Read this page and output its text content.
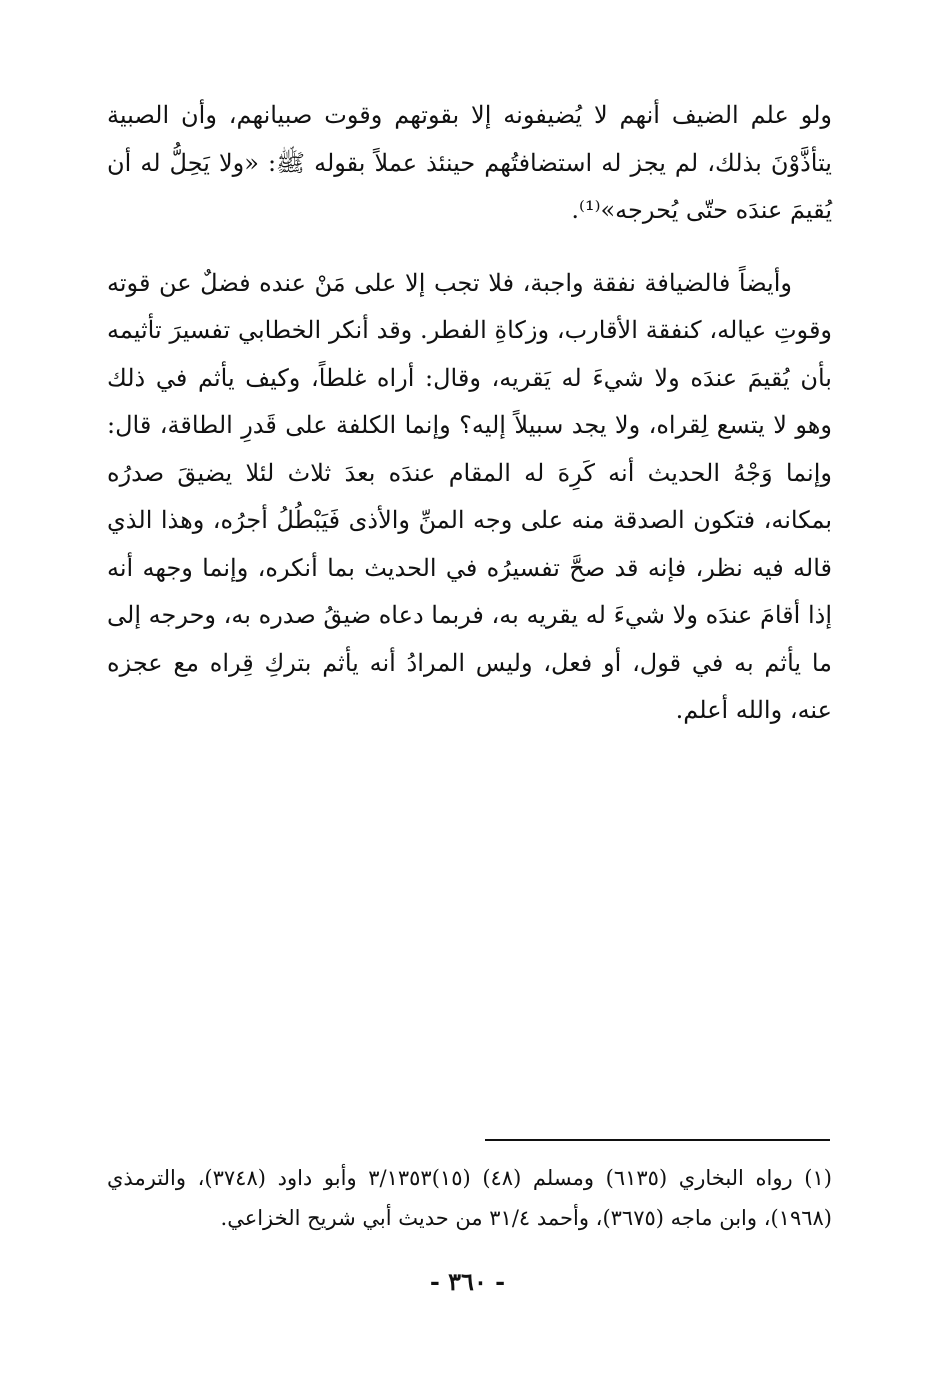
ولو علم الضيف أنهم لا يُضيفونه إلا بقوتهم وقوت صبيانهم، وأن الصبية يتأذَّوْنَ بذلك، لم يجز له استضافتُهم حينئذ عملاً بقوله ﷺ: «ولا يَحِلُّ له أن يُقيمَ عندَه حتّى يُحرجه»⁽¹⁾.

وأيضاً فالضيافة نفقة واجبة، فلا تجب إلا على مَنْ عنده فضلٌ عن قوته وقوتِ عياله، كنفقة الأقارب، وزكاةِ الفطر. وقد أنكر الخطابي تفسيرَ تأثيمه بأن يُقيمَ عندَه ولا شيءَ له يَقريه، وقال: أراه غلطاً، وكيف يأثم في ذلك وهو لا يتسع لِقراه، ولا يجد سبيلاً إليه؟ وإنما الكلفة على قَدرِ الطاقة، قال: وإنما وَجْهُ الحديث أنه كَرِهَ له المقام عندَه بعدَ ثلاث لئلا يضيقَ صدرُه بمكانه، فتكون الصدقة منه على وجه المنِّ والأذى فَيَبْطُلُ أجرُه، وهذا الذي قاله فيه نظر، فإنه قد صحَّ تفسيرُه في الحديث بما أنكره، وإنما وجهه أنه إذا أقامَ عندَه ولا شيءَ له يقريه به، فربما دعاه ضيقُ صدره به، وحرجه إلى ما يأثم به في قول، أو فعل، وليس المرادُ أنه يأثم بتركِ قِراه مع عجزه عنه، والله أعلم.

(١) رواه البخاري (٦١٣٥) ومسلم (٤٨) (١٥)٣/١٣٥٣ وأبو داود (٣٧٤٨)، والترمذي (١٩٦٨)، وابن ماجه (٣٦٧٥)، وأحمد ٣١/٤ من حديث أبي شريح الخزاعي.

- ٣٦٠ -
